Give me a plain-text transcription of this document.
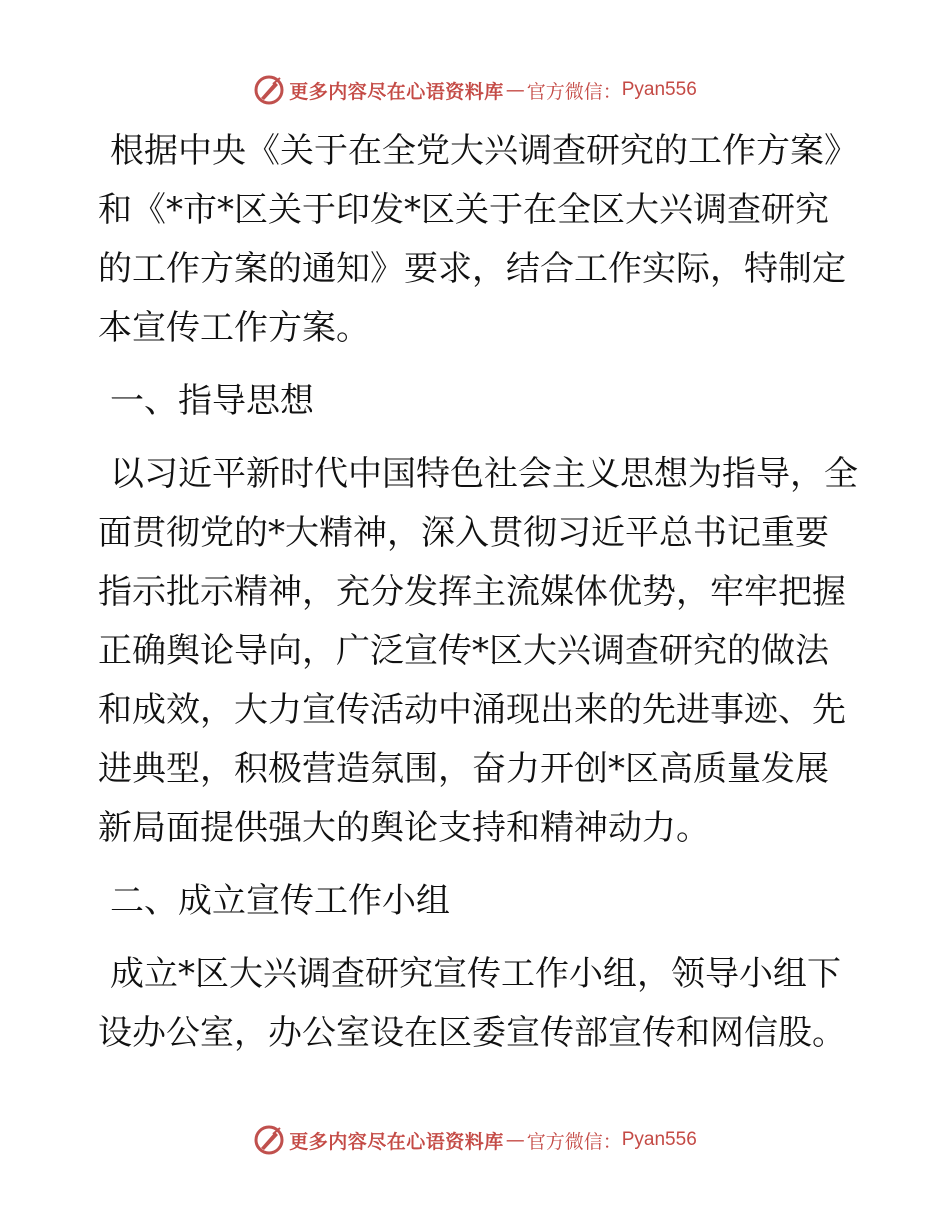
更多内容尽在心语资料库 — 官方微信： Pyan556

根据中央《关于在全党大兴调查研究的工作方案》和《*市*区关于印发*区关于在全区大兴调查研究的工作方案的通知》要求，结合工作实际，特制定本宣传工作方案。

一、指导思想

以习近平新时代中国特色社会主义思想为指导，全面贯彻党的*大精神，深入贯彻习近平总书记重要指示批示精神，充分发挥主流媒体优势，牢牢把握正确舆论导向，广泛宣传*区大兴调查研究的做法和成效，大力宣传活动中涌现出来的先进事迹、先进典型，积极营造氛围，奋力开创*区高质量发展新局面提供强大的舆论支持和精神动力。

二、成立宣传工作小组

成立*区大兴调查研究宣传工作小组，领导小组下设办公室，办公室设在区委宣传部宣传和网信股。

更多内容尽在心语资料库 — 官方微信： Pyan556
